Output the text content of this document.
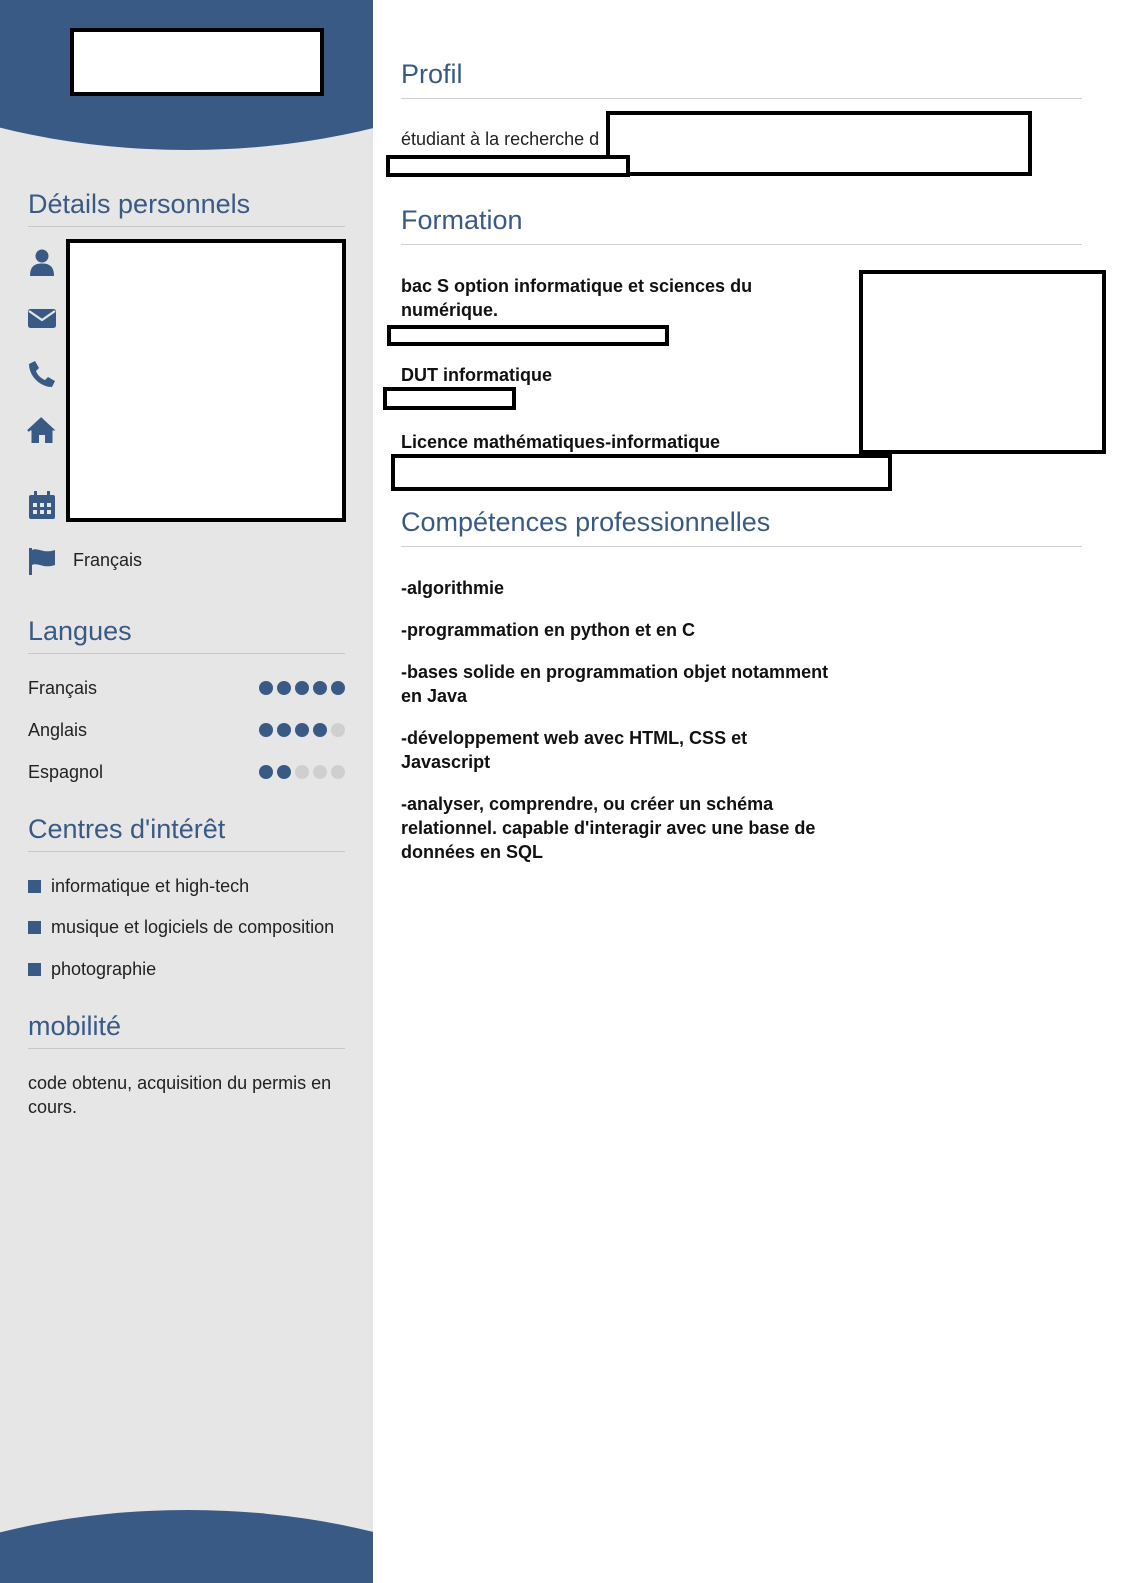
Détails personnels
Français
Langues
Français
Anglais
Espagnol
Centres d'intérêt
informatique et high-tech
musique et logiciels de composition
photographie
mobilité

code obtenu, acquisition du permis en cours.

Profil
étudiant à la recherche d
Formation

bac S option informatique et sciences du numérique.

DUT informatique

Licence mathématiques-informatique

Compétences professionnelles

-algorithmie

-programmation en python et en C

-bases solide en programmation objet notamment en Java

-développement web avec HTML, CSS et Javascript

-analyser, comprendre, ou créer un schéma relationnel. capable d'interagir avec une base de données en SQL
